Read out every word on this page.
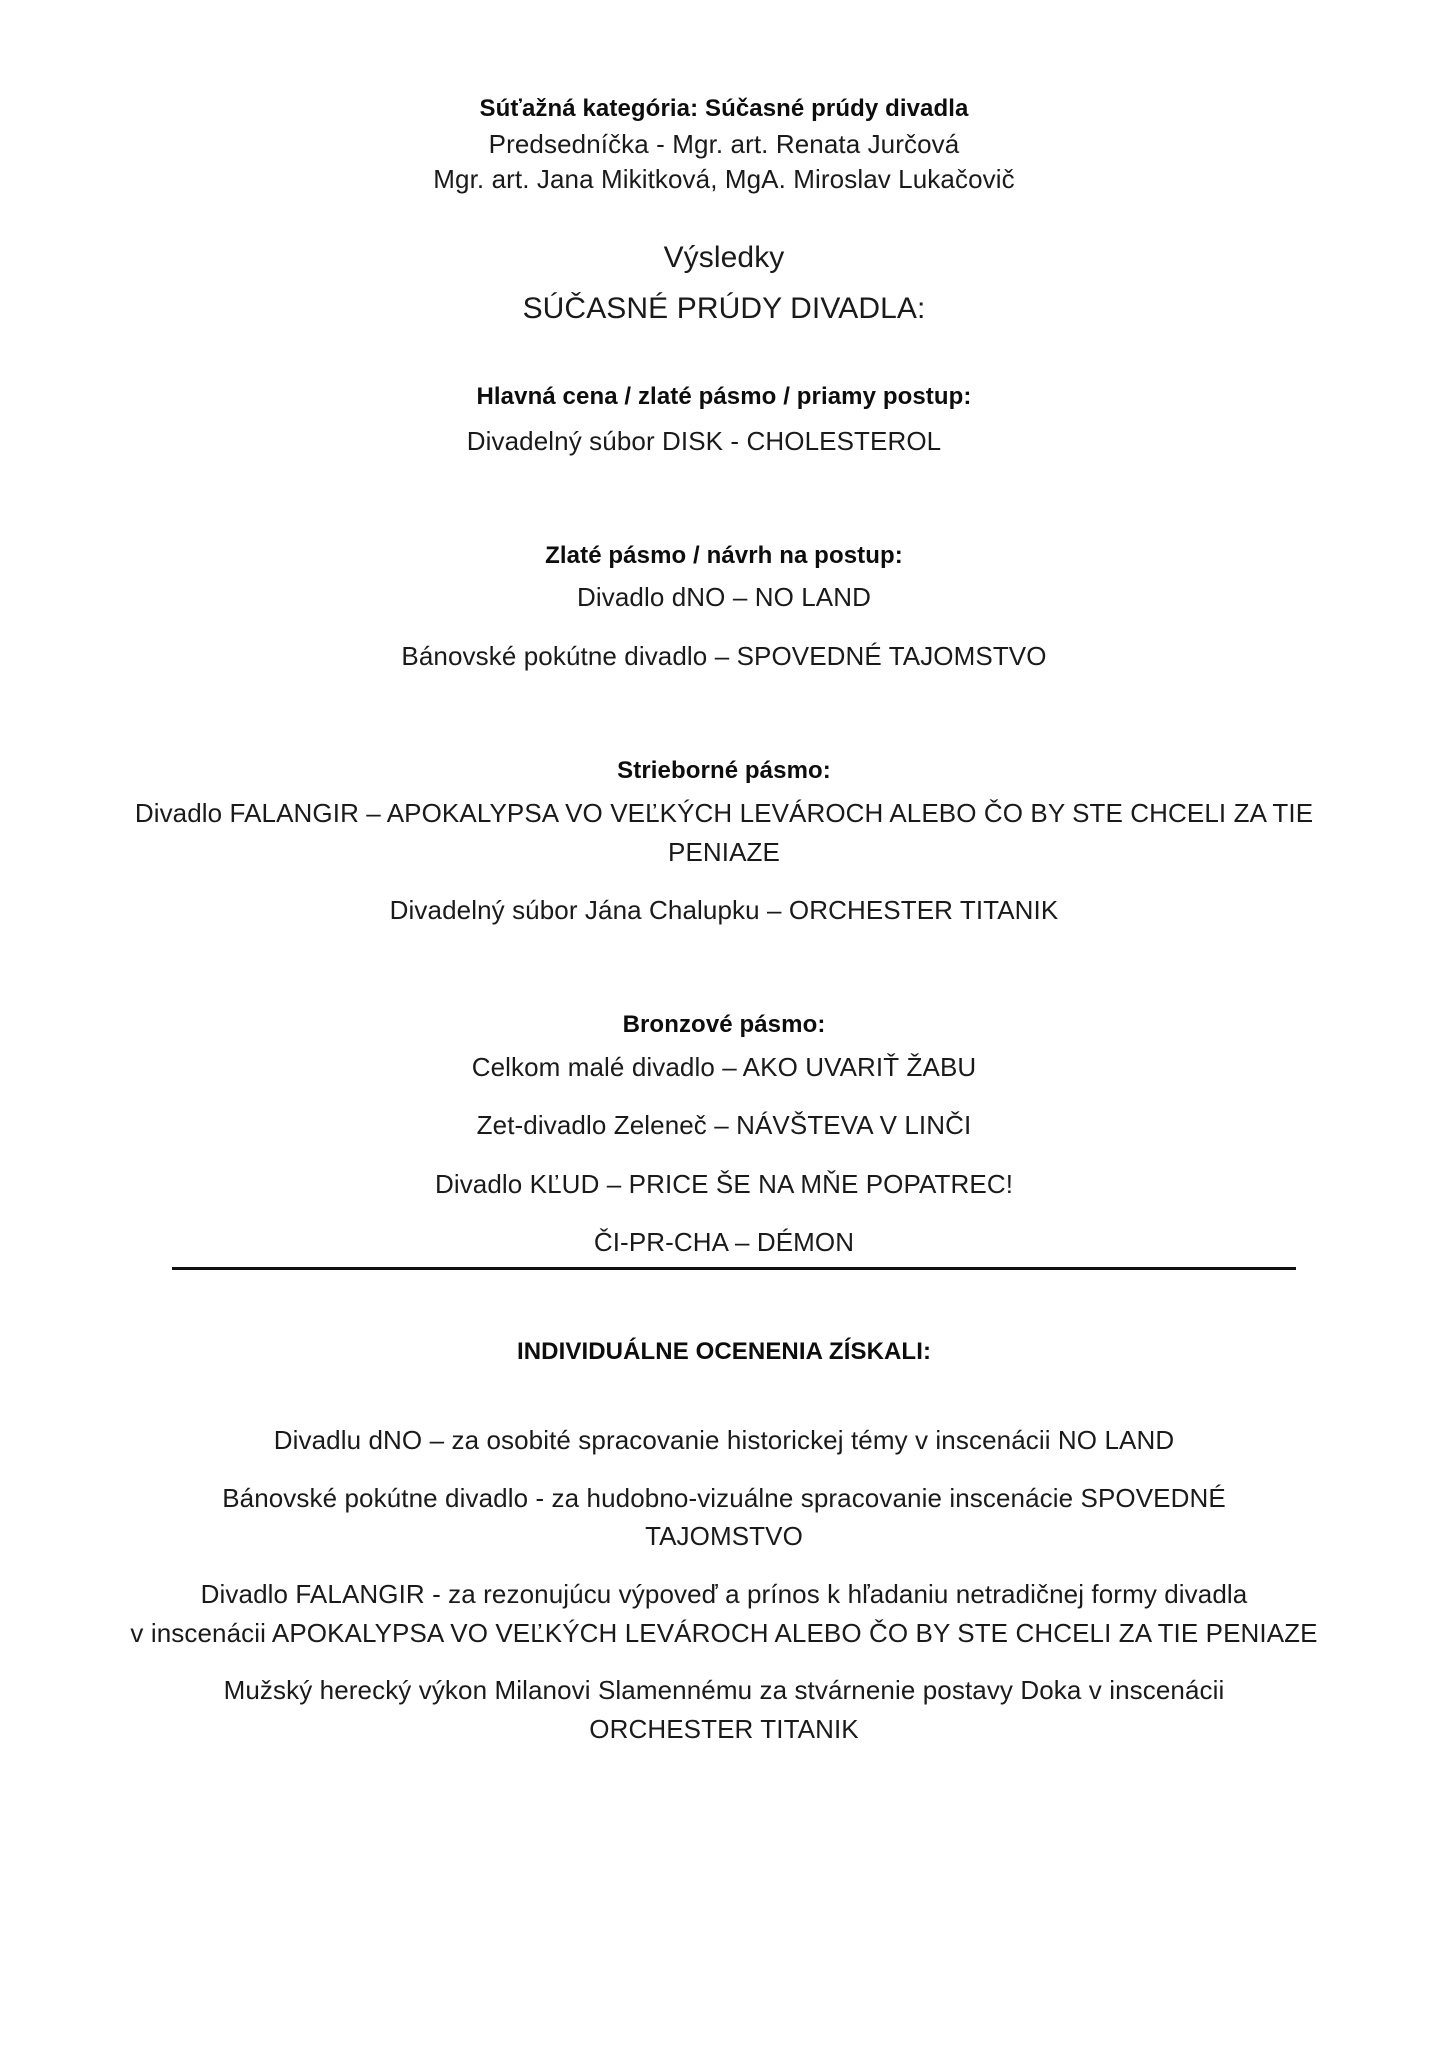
Súťažná kategória: Súčasné prúdy divadla
Predsedníčka - Mgr. art. Renata Jurčová
Mgr. art. Jana Mikitková, MgA. Miroslav Lukačovič
Výsledky
SÚČASNÉ PRÚDY DIVADLA:
Hlavná cena / zlaté pásmo / priamy postup:
Divadelný súbor DISK - CHOLESTEROL
Zlaté pásmo / návrh na postup:
Divadlo dNO – NO LAND
Bánovské pokútne divadlo – SPOVEDNÉ TAJOMSTVO
Strieborné pásmo:
Divadlo FALANGIR – APOKALYPSA VO VEĽKÝCH LEVÁROCH ALEBO ČO BY STE CHCELI ZA TIE
PENIAZE
Divadelný súbor Jána Chalupku – ORCHESTER TITANIK
Bronzové pásmo:
Celkom malé divadlo – AKO UVARIŤ ŽABU
Zet-divadlo Zeleneč – NÁVŠTEVA V LINČI
Divadlo KĽUD – PRICE ŠE NA MŇE POPATREC!
ČI-PR-CHA – DÉMON
INDIVIDUÁLNE OCENENIA ZÍSKALI:
Divadlu dNO – za osobité spracovanie historickej témy v inscenácii NO LAND
Bánovské pokútne divadlo - za hudobno-vizuálne spracovanie inscenácie SPOVEDNÉ
TAJOMSTVO
Divadlo FALANGIR - za rezonujúcu výpoveď a prínos k hľadaniu netradičnej formy divadla
v inscenácii APOKALYPSA VO VEĽKÝCH LEVÁROCH ALEBO ČO BY STE CHCELI ZA TIE PENIAZE
Mužský herecký výkon Milanovi Slamennému za stvárnenie postavy Doka v inscenácii
ORCHESTER TITANIK
